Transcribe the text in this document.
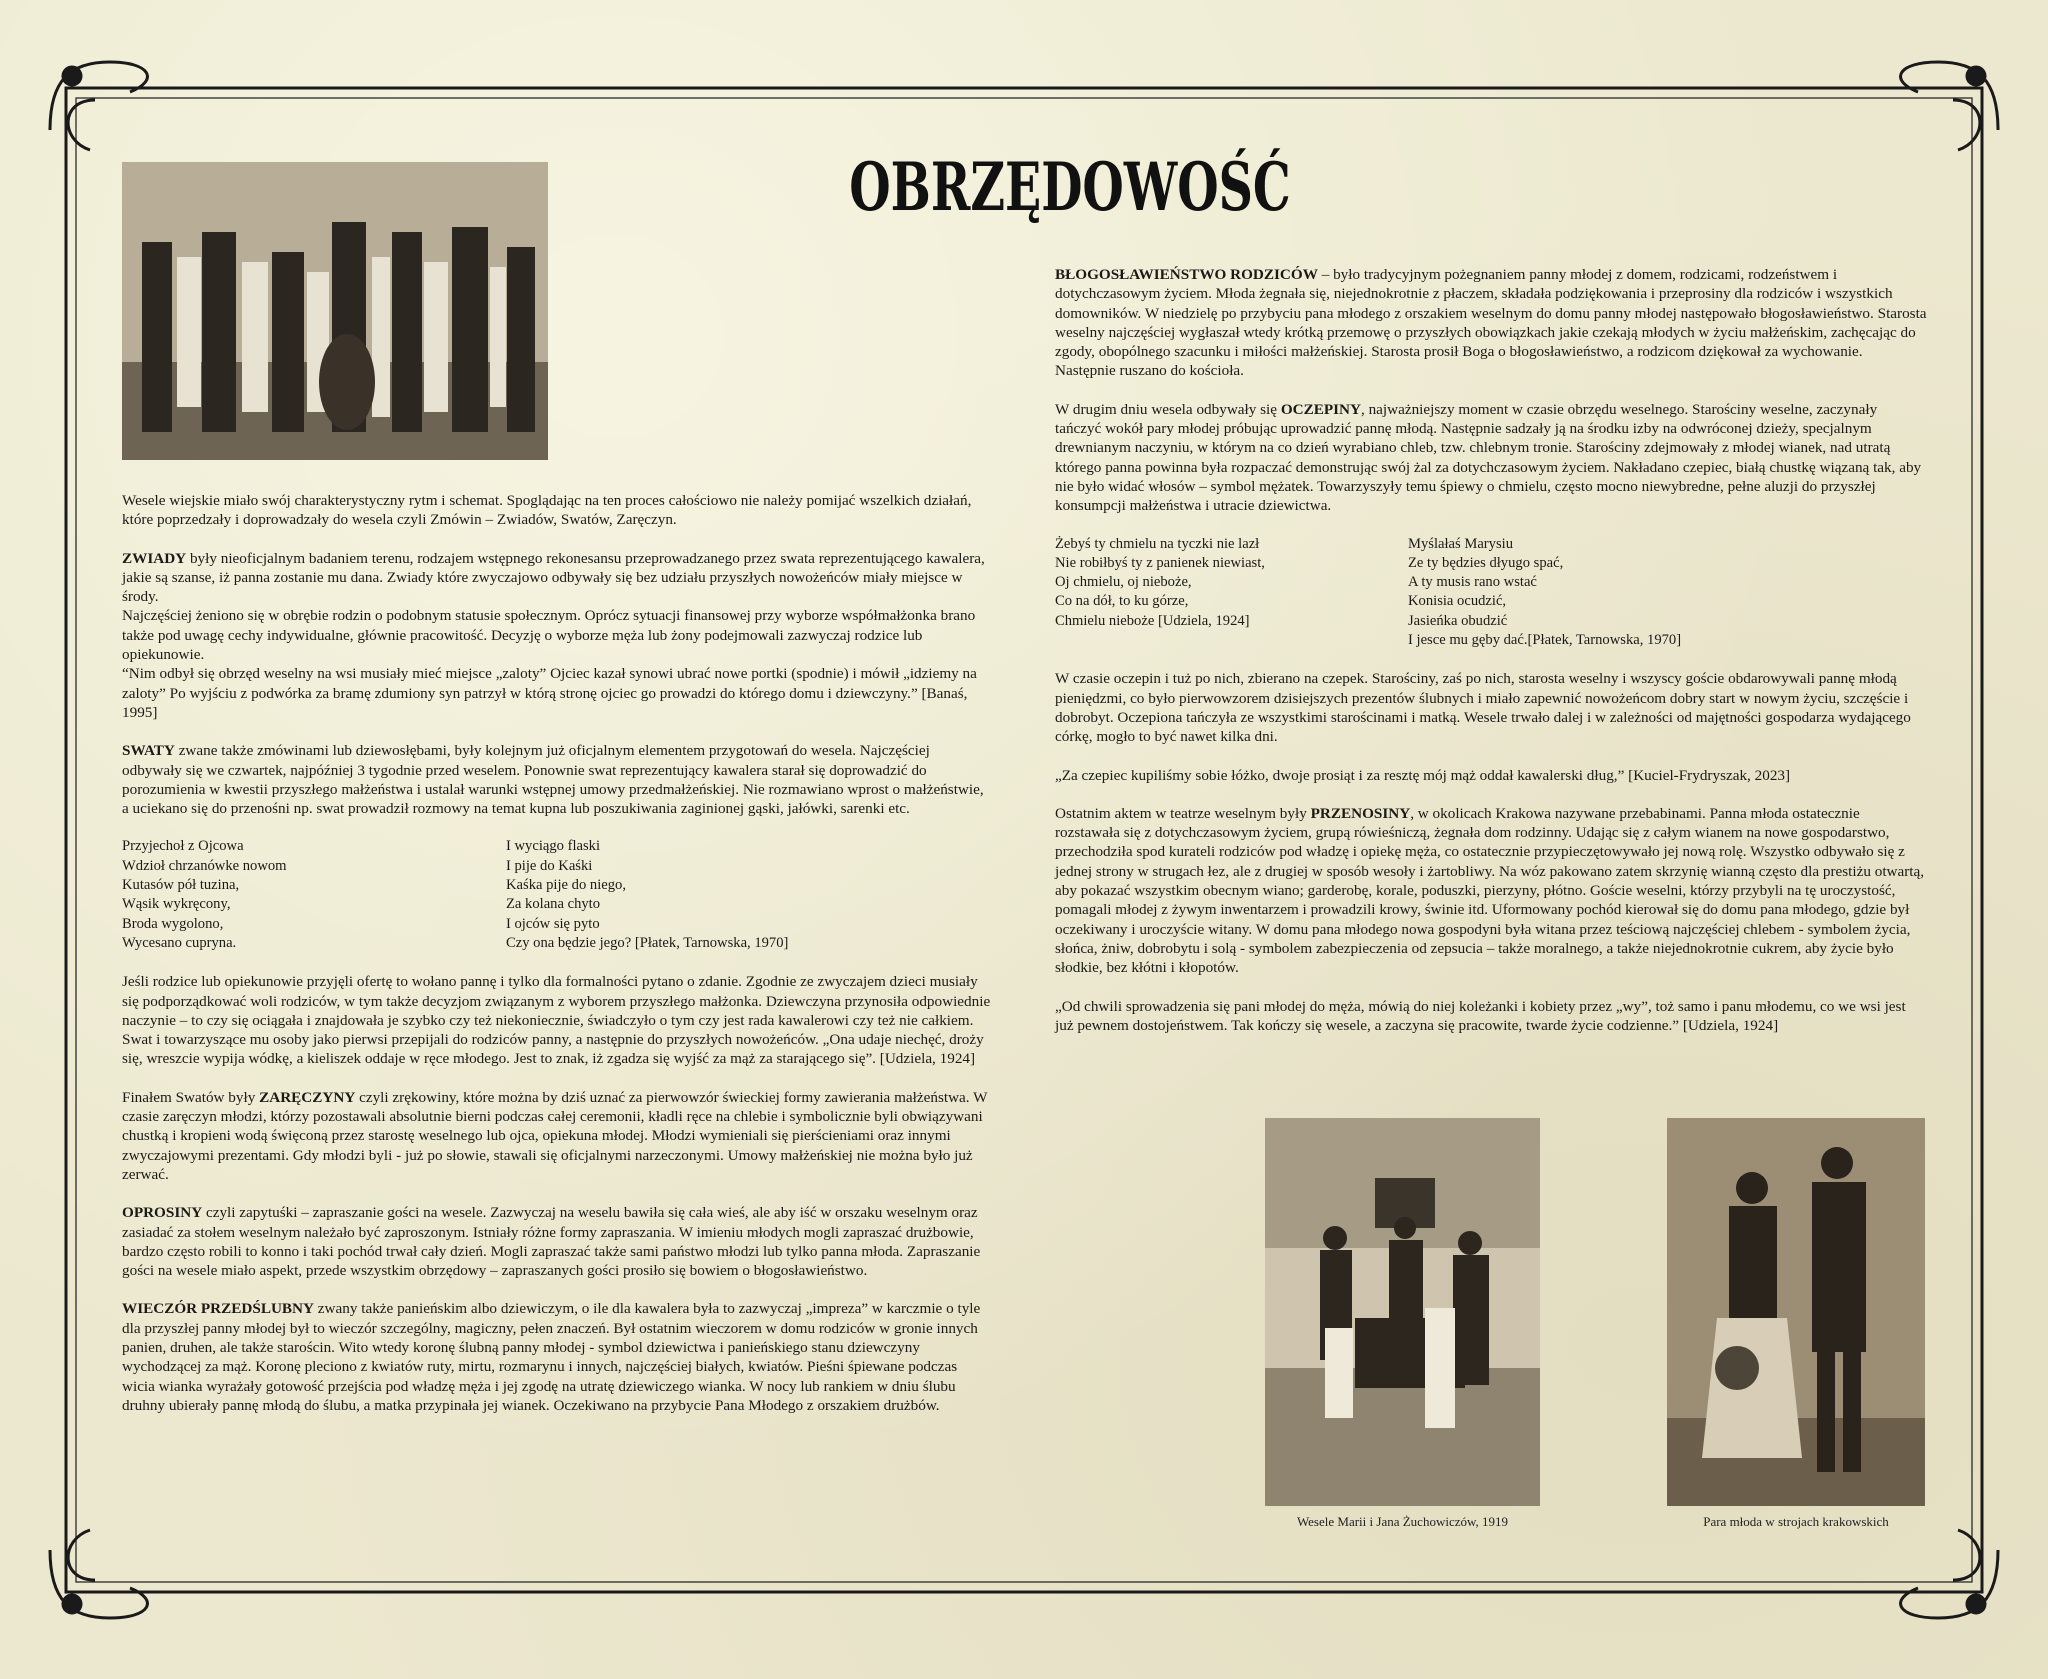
OBRZĘDOWOŚĆ
Wesele Marii i Jana Żuchowiczów, 1919	Para młoda w strojach krakowskich

Wesele wiejskie miało swój charakterystyczny rytm i schemat. Spoglądając na ten proces całościowo nie należy pomijać wszelkich działań, które poprzedzały i doprowadzały do wesela czyli Zmówin – Zwiadów, Swatów, Zaręczyn.

ZWIADY były nieoficjalnym badaniem terenu, rodzajem wstępnego rekonesansu przeprowadzanego przez swata reprezentującego kawalera, jakie są szanse, iż panna zostanie mu dana. Zwiady które zwyczajowo odbywały się bez udziału przyszłych nowożeńców miały miejsce w środy.
Najczęściej żeniono się w obrębie rodzin o podobnym statusie społecznym. Oprócz sytuacji finansowej przy wyborze współmałżonka brano także pod uwagę cechy indywidualne, głównie pracowitość. Decyzję o wyborze męża lub żony podejmowali zazwyczaj rodzice lub opiekunowie.
“Nim odbył się obrzęd weselny na wsi musiały mieć miejsce „zaloty” Ojciec kazał synowi ubrać nowe portki (spodnie) i mówił „idziemy na zaloty” Po wyjściu z podwórka za bramę zdumiony syn patrzył w którą stronę ojciec go prowadzi do którego domu i dziewczyny.” [Banaś, 1995]

SWATY zwane także zmówinami lub dziewosłębami, były kolejnym już oficjalnym elementem przygotowań do wesela. Najczęściej odbywały się we czwartek, najpóźniej 3 tygodnie przed weselem. Ponownie swat reprezentujący kawalera starał się doprowadzić do porozumienia w kwestii przyszłego małżeństwa i ustalał warunki wstępnej umowy przedmałżeńskiej. Nie rozmawiano wprost o małżeństwie, a uciekano się do przenośni np. swat prowadził rozmowy na temat kupna lub poszukiwania zaginionej gąski, jałówki, sarenki etc.

Przyjechoł z Ojcowa
Wdzioł chrzanówke nowom
Kutasów pół tuzina,
Wąsik wykręcony,
Broda wygolono,
Wycesano cupryna.
I wyciągo flaski
I pije do Kaśki
Kaśka pije do niego,
Za kolana chyto
I ojców się pyto
Czy ona będzie jego? [Płatek, Tarnowska, 1970]

Jeśli rodzice lub opiekunowie przyjęli ofertę to wołano pannę i tylko dla formalności pytano o zdanie. Zgodnie ze zwyczajem dzieci musiały się podporządkować woli rodziców, w tym także decyzjom związanym z wyborem przyszłego małżonka. Dziewczyna przynosiła odpowiednie naczynie – to czy się ociągała i znajdowała je szybko czy też niekoniecznie, świadczyło o tym czy jest rada kawalerowi czy też nie całkiem. Swat i towarzyszące mu osoby jako pierwsi przepijali do rodziców panny, a następnie do przyszłych nowożeńców. „Ona udaje niechęć, droży się, wreszcie wypija wódkę, a kieliszek oddaje w ręce młodego. Jest to znak, iż zgadza się wyjść za mąż za starającego się”. [Udziela, 1924]

Finałem Swatów były ZARĘCZYNY czyli zrękowiny, które można by dziś uznać za pierwowzór świeckiej formy zawierania małżeństwa. W czasie zaręczyn młodzi, którzy pozostawali absolutnie bierni podczas całej ceremonii, kładli ręce na chlebie i symbolicznie byli obwiązywani chustką i kropieni wodą święconą przez starostę weselnego lub ojca, opiekuna młodej. Młodzi wymieniali się pierścieniami oraz innymi zwyczajowymi prezentami. Gdy młodzi byli - już po słowie, stawali się oficjalnymi narzeczonymi. Umowy małżeńskiej nie można było już zerwać.

OPROSINY czyli zapytuśki – zapraszanie gości na wesele. Zazwyczaj na weselu bawiła się cała wieś, ale aby iść w orszaku weselnym oraz zasiadać za stołem weselnym należało być zaproszonym. Istniały różne formy zapraszania. W imieniu młodych mogli zapraszać drużbowie, bardzo często robili to konno i taki pochód trwał cały dzień. Mogli zapraszać także sami państwo młodzi lub tylko panna młoda. Zapraszanie gości na wesele miało aspekt, przede wszystkim obrzędowy – zapraszanych gości prosiło się bowiem o błogosławieństwo.

WIECZÓR PRZEDŚLUBNY zwany także panieńskim albo dziewiczym, o ile dla kawalera była to zazwyczaj „impreza” w karczmie o tyle dla przyszłej panny młodej był to wieczór szczególny, magiczny, pełen znaczeń. Był ostatnim wieczorem w domu rodziców w gronie innych panien, druhen, ale także starościn. Wito wtedy koronę ślubną panny młodej - symbol dziewictwa i panieńskiego stanu dziewczyny wychodzącej za mąż. Koronę pleciono z kwiatów ruty, mirtu, rozmarynu i innych, najczęściej białych, kwiatów. Pieśni śpiewane podczas wicia wianka wyrażały gotowość przejścia pod władzę męża i jej zgodę na utratę dziewiczego wianka. W nocy lub rankiem w dniu ślubu druhny ubierały pannę młodą do ślubu, a matka przypinała jej wianek. Oczekiwano na przybycie Pana Młodego z orszakiem drużbów.

BŁOGOSŁAWIEŃSTWO RODZICÓW – było tradycyjnym pożegnaniem panny młodej z domem, rodzicami, rodzeństwem i dotychczasowym życiem. Młoda żegnała się, niejednokrotnie z płaczem, składała podziękowania i przeprosiny dla rodziców i wszystkich domowników. W niedzielę po przybyciu pana młodego z orszakiem weselnym do domu panny młodej następowało błogosławieństwo. Starosta weselny najczęściej wygłaszał wtedy krótką przemowę o przyszłych obowiązkach jakie czekają młodych w życiu małżeńskim, zachęcając do zgody, obopólnego szacunku i miłości małżeńskiej. Starosta prosił Boga o błogosławieństwo, a rodzicom dziękował za wychowanie. Następnie ruszano do kościoła.

W drugim dniu wesela odbywały się OCZEPINY, najważniejszy moment w czasie obrzędu weselnego. Starościny weselne, zaczynały tańczyć wokół pary młodej próbując uprowadzić pannę młodą. Następnie sadzały ją na środku izby na odwróconej dzieży, specjalnym drewnianym naczyniu, w którym na co dzień wyrabiano chleb, tzw. chlebnym tronie. Starościny zdejmowały z młodej wianek, nad utratą którego panna powinna była rozpaczać demonstrując swój żal za dotychczasowym życiem. Nakładano czepiec, białą chustkę wiązaną tak, aby nie było widać włosów – symbol mężatek. Towarzyszyły temu śpiewy o chmielu, często mocno niewybredne, pełne aluzji do przyszłej konsumpcji małżeństwa i utracie dziewictwa.

Żebyś ty chmielu na tyczki nie lazł
Nie robiłbyś ty z panienek niewiast,
Oj chmielu, oj nieboże,
Co na dół, to ku górze,
Chmielu nieboże [Udziela, 1924]
Myślałaś Marysiu
Ze ty będzies dłyugo spać,
A ty musis rano wstać
Konisia ocudzić,
Jasieńka obudzić
I jesce mu gęby dać.[Płatek, Tarnowska, 1970]

W czasie oczepin i tuż po nich, zbierano na czepek. Starościny, zaś po nich, starosta weselny i wszyscy goście obdarowywali pannę młodą pieniędzmi, co było pierwowzorem dzisiejszych prezentów ślubnych i miało zapewnić nowożeńcom dobry start w nowym życiu, szczęście i dobrobyt. Oczepiona tańczyła ze wszystkimi starościnami i matką. Wesele trwało dalej i w zależności od majętności gospodarza wydającego córkę, mogło to być nawet kilka dni.

„Za czepiec kupiliśmy sobie łóżko, dwoje prosiąt i za resztę mój mąż oddał kawalerski dług,” [Kuciel-Frydryszak, 2023]

Ostatnim aktem w teatrze weselnym były PRZENOSINY, w okolicach Krakowa nazywane przebabinami. Panna młoda ostatecznie rozstawała się z dotychczasowym życiem, grupą rówieśniczą, żegnała dom rodzinny. Udając się z całym wianem na nowe gospodarstwo, przechodziła spod kurateli rodziców pod władzę i opiekę męża, co ostatecznie przypieczętowywało jej nową rolę. Wszystko odbywało się z jednej strony w strugach łez, ale z drugiej w sposób wesoły i żartobliwy. Na wóz pakowano zatem skrzynię wianną często dla prestiżu otwartą, aby pokazać wszystkim obecnym wiano; garderobę, korale, poduszki, pierzyny, płótno. Goście weselni, którzy przybyli na tę uroczystość, pomagali młodej z żywym inwentarzem i prowadzili krowy, świnie itd. Uformowany pochód kierował się do domu pana młodego, gdzie był oczekiwany i uroczyście witany. W domu pana młodego nowa gospodyni była witana przez teściową najczęściej chlebem - symbolem życia, słońca, żniw, dobrobytu i solą - symbolem zabezpieczenia od zepsucia – także moralnego, a także niejednokrotnie cukrem, aby życie było słodkie, bez kłótni i kłopotów.

„Od chwili sprowadzenia się pani młodej do męża, mówią do niej koleżanki i kobiety przez „wy”, toż samo i panu młodemu, co we wsi jest już pewnem dostojeństwem. Tak kończy się wesele, a zaczyna się pracowite, twarde życie codzienne.” [Udziela, 1924]
